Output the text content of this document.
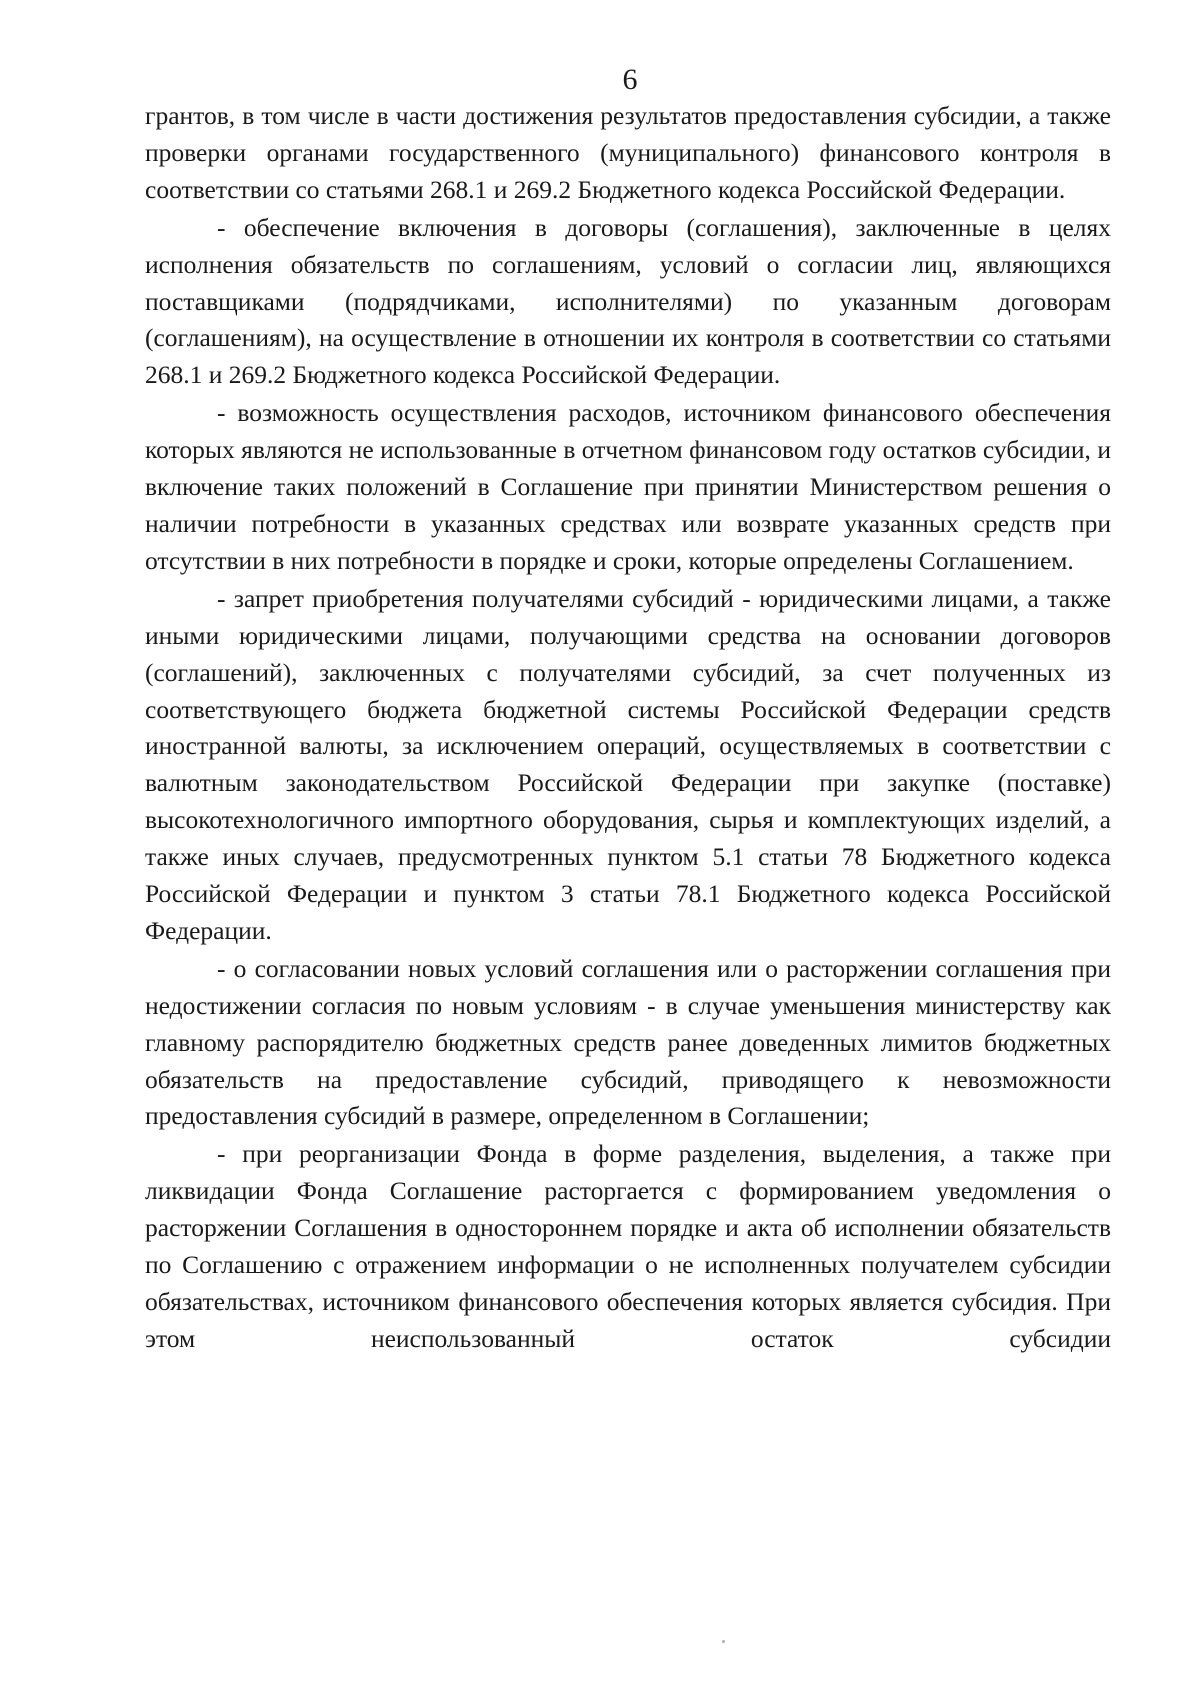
6

грантов, в том числе в части достижения результатов предоставления субсидии, а также проверки органами государственного (муниципального) финансового контроля в соответствии со статьями 268.1 и 269.2 Бюджетного кодекса Российской Федерации.

- обеспечение включения в договоры (соглашения), заключенные в целях исполнения обязательств по соглашениям, условий о согласии лиц, являющихся поставщиками (подрядчиками, исполнителями) по указанным договорам (соглашениям), на осуществление в отношении их контроля в соответствии со статьями 268.1 и 269.2 Бюджетного кодекса Российской Федерации.

- возможность осуществления расходов, источником финансового обеспечения которых являются не использованные в отчетном финансовом году остатков субсидии, и включение таких положений в Соглашение при принятии Министерством решения о наличии потребности в указанных средствах или возврате указанных средств при отсутствии в них потребности в порядке и сроки, которые определены Соглашением.

- запрет приобретения получателями субсидий - юридическими лицами, а также иными юридическими лицами, получающими средства на основании договоров (соглашений), заключенных с получателями субсидий, за счет полученных из соответствующего бюджета бюджетной системы Российской Федерации средств иностранной валюты, за исключением операций, осуществляемых в соответствии с валютным законодательством Российской Федерации при закупке (поставке) высокотехнологичного импортного оборудования, сырья и комплектующих изделий, а также иных случаев, предусмотренных пунктом 5.1 статьи 78 Бюджетного кодекса Российской Федерации и пунктом 3 статьи 78.1 Бюджетного кодекса Российской Федерации.

- о согласовании новых условий соглашения или о расторжении соглашения при недостижении согласия по новым условиям - в случае уменьшения министерству как главному распорядителю бюджетных средств ранее доведенных лимитов бюджетных обязательств на предоставление субсидий, приводящего к невозможности предоставления субсидий в размере, определенном в Соглашении;

- при реорганизации Фонда в форме разделения, выделения, а также при ликвидации Фонда Соглашение расторгается с формированием уведомления о расторжении Соглашения в одностороннем порядке и акта об исполнении обязательств по Соглашению с отражением информации о не исполненных получателем субсидии обязательствах, источником финансового обеспечения которых является субсидия. При этом неиспользованный остаток субсидии
